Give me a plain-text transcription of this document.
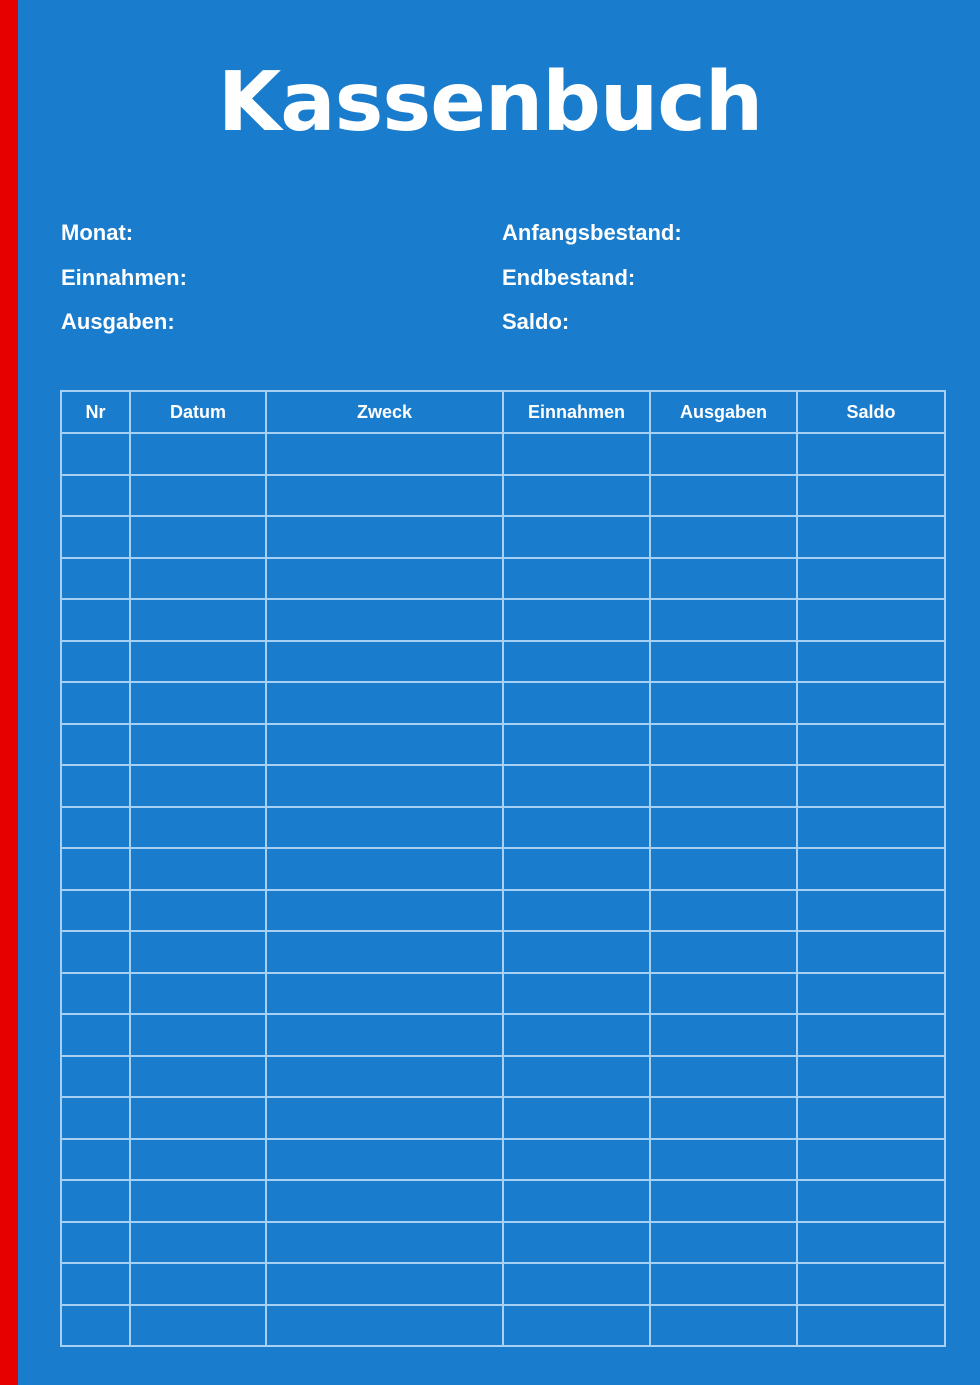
Kassenbuch
Monat:
Einnahmen:
Ausgaben:
Anfangsbestand:
Endbestand:
Saldo:
Nr	Datum	Zweck	Einnahmen	Ausgaben	Saldo
